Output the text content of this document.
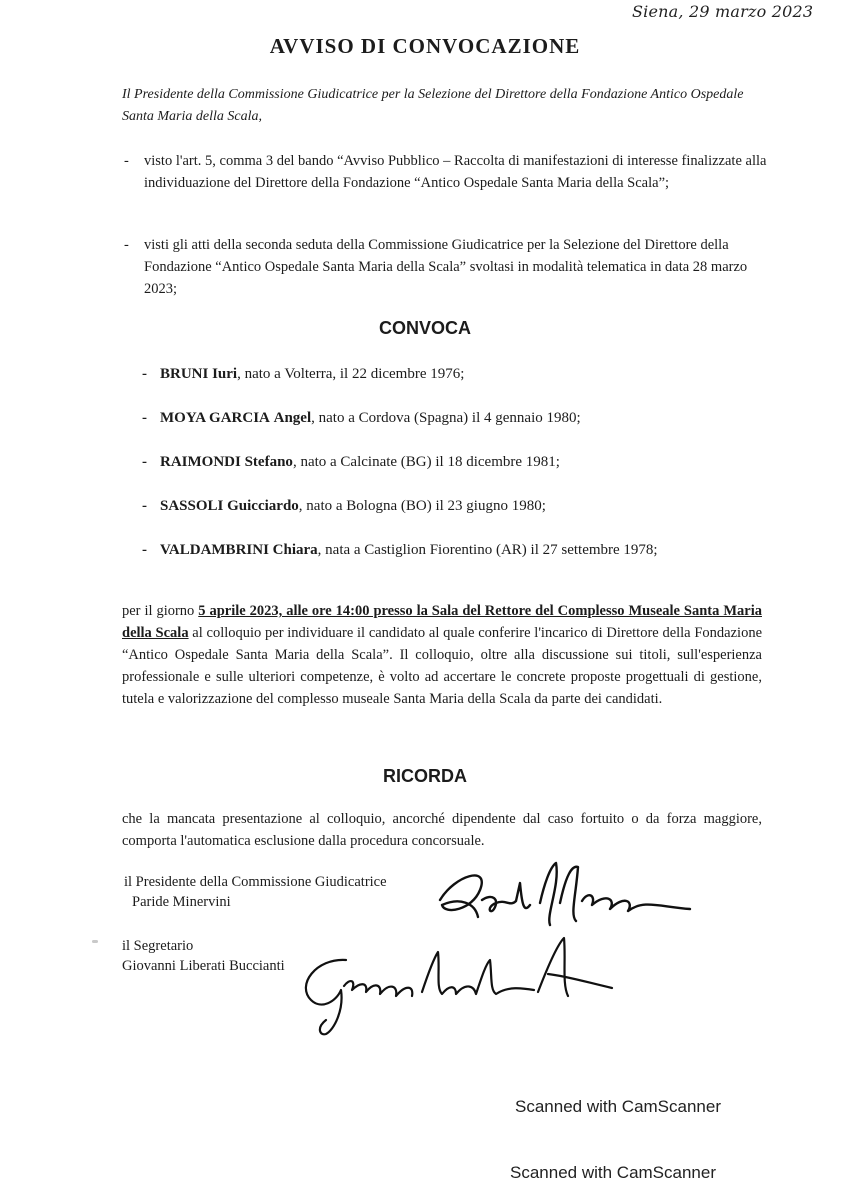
Siena, 29 marzo 2023
AVVISO DI CONVOCAZIONE

Il Presidente della Commissione Giudicatrice per la Selezione del Direttore della Fondazione Antico Ospedale Santa Maria della Scala,

- visto l'art. 5, comma 3 del bando “Avviso Pubblico – Raccolta di manifestazioni di interesse finalizzate alla individuazione del Direttore della Fondazione “Antico Ospedale Santa Maria della Scala”;

- visti gli atti della seconda seduta della Commissione Giudicatrice per la Selezione del Direttore della Fondazione “Antico Ospedale Santa Maria della Scala” svoltasi in modalità telematica in data 28 marzo 2023;

CONVOCA
- BRUNI Iuri, nato a Volterra, il 22 dicembre 1976;
- MOYA GARCIA Angel, nato a Cordova (Spagna) il 4 gennaio 1980;
- RAIMONDI Stefano, nato a Calcinate (BG) il 18 dicembre 1981;
- SASSOLI Guicciardo, nato a Bologna (BO) il 23 giugno 1980;
- VALDAMBRINI Chiara, nata a Castiglion Fiorentino (AR) il 27 settembre 1978;

per il giorno 5 aprile 2023, alle ore 14:00 presso la Sala del Rettore del Complesso Museale Santa Maria della Scala al colloquio per individuare il candidato al quale conferire l'incarico di Direttore della Fondazione “Antico Ospedale Santa Maria della Scala”. Il colloquio, oltre alla discussione sui titoli, sull'esperienza professionale e sulle ulteriori competenze, è volto ad accertare le concrete proposte progettuali di gestione, tutela e valorizzazione del complesso museale Santa Maria della Scala da parte dei candidati.

RICORDA

che la mancata presentazione al colloquio, ancorché dipendente dal caso fortuito o da forza maggiore, comporta l'automatica esclusione dalla procedura concorsuale.

il Presidente della Commissione Giudicatrice
Paride Minervini
il Segretario
Giovanni Liberati Buccianti
Scanned with CamScanner
Scanned with CamScanner
